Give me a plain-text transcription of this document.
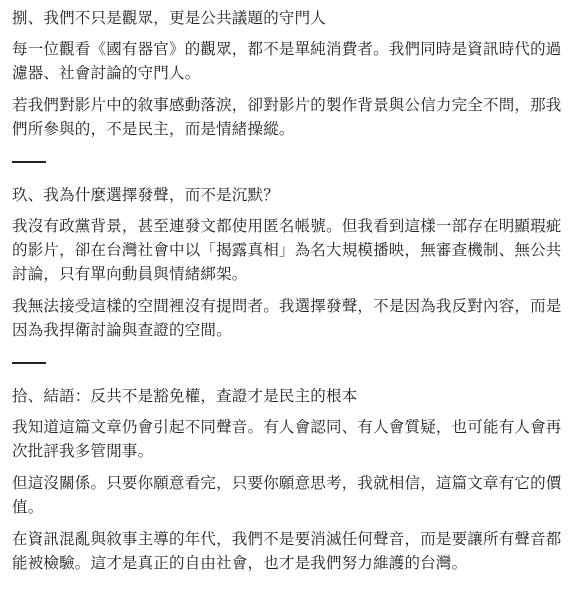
捌、我們不只是觀眾，更是公共議題的守門人

每一位觀看《國有器官》的觀眾，都不是單純消費者。我們同時是資訊時代的過濾器、社會討論的守門人。

若我們對影片中的敘事感動落淚，卻對影片的製作背景與公信力完全不問，那我們所參與的，不是民主，而是情緒操縱。

玖、我為什麼選擇發聲，而不是沉默？

我沒有政黨背景，甚至連發文都使用匿名帳號。但我看到這樣一部存在明顯瑕疵的影片，卻在台灣社會中以「揭露真相」為名大規模播映，無審查機制、無公共討論，只有單向動員與情緒綁架。

我無法接受這樣的空間裡沒有提問者。我選擇發聲，不是因為我反對內容，而是因為我捍衛討論與查證的空間。

拾、結語：反共不是豁免權，查證才是民主的根本

我知道這篇文章仍會引起不同聲音。有人會認同、有人會質疑，也可能有人會再次批評我多管閒事。

但這沒關係。只要你願意看完，只要你願意思考，我就相信，這篇文章有它的價值。

在資訊混亂與敘事主導的年代，我們不是要消滅任何聲音，而是要讓所有聲音都能被檢驗。這才是真正的自由社會，也才是我們努力維護的台灣。
